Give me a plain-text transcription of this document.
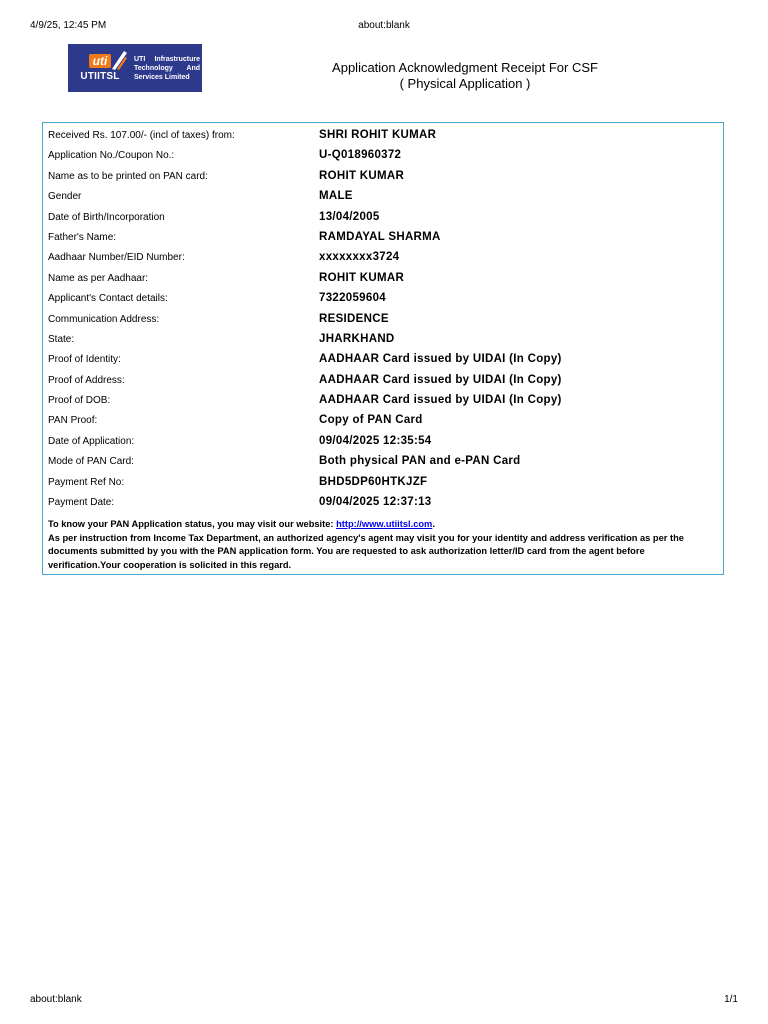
4/9/25, 12:45 PM	about:blank
uti
UTIITSL
UTI Infrastructure Technology And Services Limited
Application Acknowledgment Receipt For CSF
( Physical Application )
Received Rs. 107.00/- (incl of taxes) from:	SHRI ROHIT KUMAR
Application No./Coupon No.:	U-Q018960372
Name as to be printed on PAN card:	ROHIT KUMAR
Gender	MALE
Date of Birth/Incorporation	13/04/2005
Father's Name:	RAMDAYAL SHARMA
Aadhaar Number/EID Number:	xxxxxxxx3724
Name as per Aadhaar:	ROHIT KUMAR
Applicant's Contact details:	7322059604
Communication Address:	RESIDENCE
State:	JHARKHAND
Proof of Identity:	AADHAAR Card issued by UIDAI (In Copy)
Proof of Address:	AADHAAR Card issued by UIDAI (In Copy)
Proof of DOB:	AADHAAR Card issued by UIDAI (In Copy)
PAN Proof:	Copy of PAN Card
Date of Application:	09/04/2025 12:35:54
Mode of PAN Card:	Both physical PAN and e-PAN Card
Payment Ref No:	BHD5DP60HTKJZF
Payment Date:	09/04/2025 12:37:13
To know your PAN Application status, you may visit our website: http://www.utiitsl.com.
As per instruction from Income Tax Department, an authorized agency's agent may visit you for your identity and address verification as per the documents submitted by you with the PAN application form. You are requested to ask authorization letter/ID card from the agent before verification.Your cooperation is solicited in this regard.
about:blank	1/1
